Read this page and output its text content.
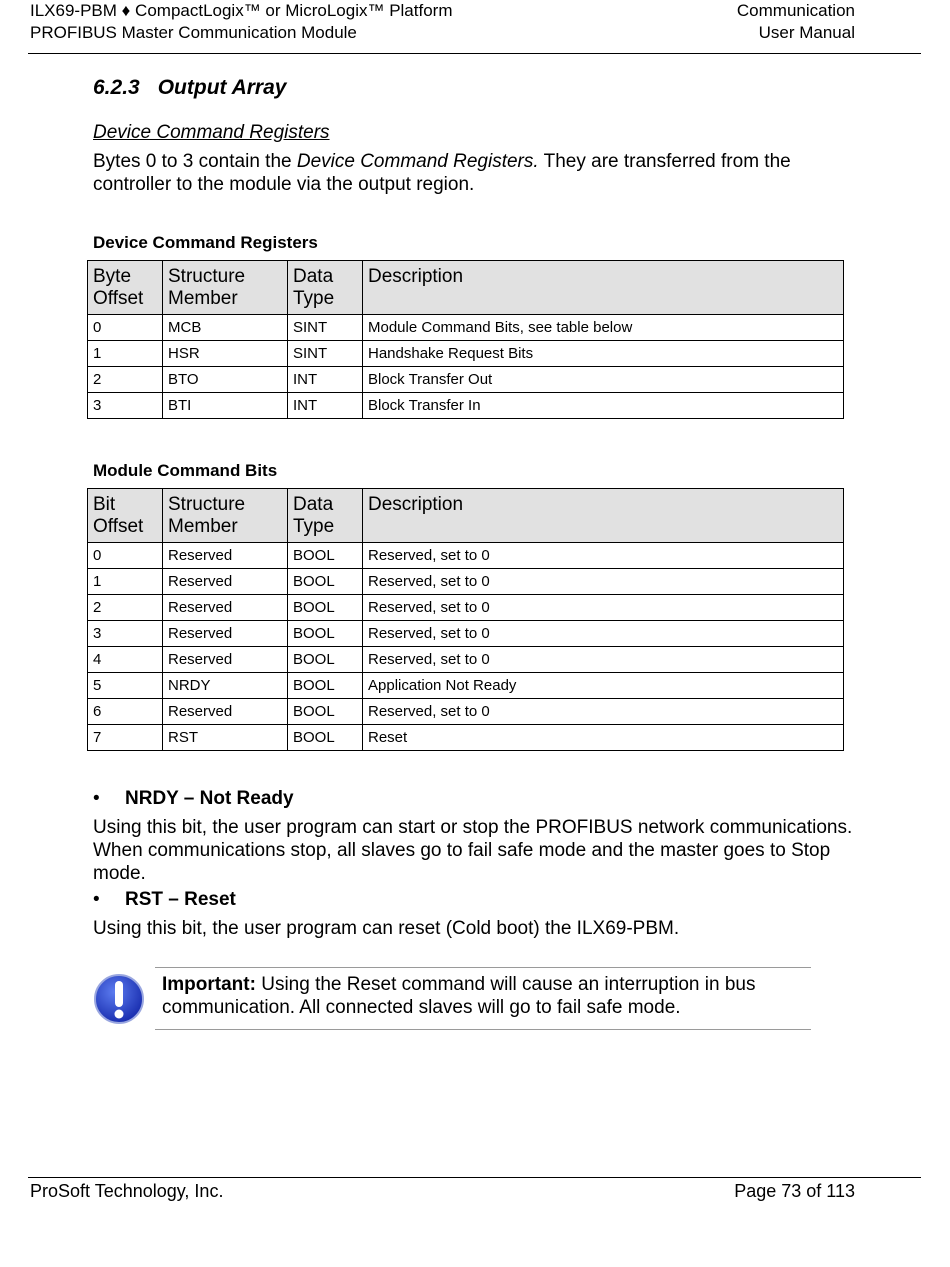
ILX69-PBM ♦ CompactLogix™ or MicroLogix™ Platform
PROFIBUS Master Communication Module
Communication
User Manual
6.2.3 Output Array
Device Command Registers
Bytes 0 to 3 contain the Device Command Registers. They are transferred from the controller to the module via the output region.
Device Command Registers
Byte Offset	Structure Member	Data Type	Description
0	MCB	SINT	Module Command Bits, see table below
1	HSR	SINT	Handshake Request Bits
2	BTO	INT	Block Transfer Out
3	BTI	INT	Block Transfer In
Module Command Bits
Bit Offset	Structure Member	Data Type	Description
0	Reserved	BOOL	Reserved, set to 0
1	Reserved	BOOL	Reserved, set to 0
2	Reserved	BOOL	Reserved, set to 0
3	Reserved	BOOL	Reserved, set to 0
4	Reserved	BOOL	Reserved, set to 0
5	NRDY	BOOL	Application Not Ready
6	Reserved	BOOL	Reserved, set to 0
7	RST	BOOL	Reset
• NRDY – Not Ready
Using this bit, the user program can start or stop the PROFIBUS network communications. When communications stop, all slaves go to fail safe mode and the master goes to Stop mode.
• RST – Reset
Using this bit, the user program can reset (Cold boot) the ILX69-PBM.
Important: Using the Reset command will cause an interruption in bus communication. All connected slaves will go to fail safe mode.
ProSoft Technology, Inc.	Page 73 of 113
